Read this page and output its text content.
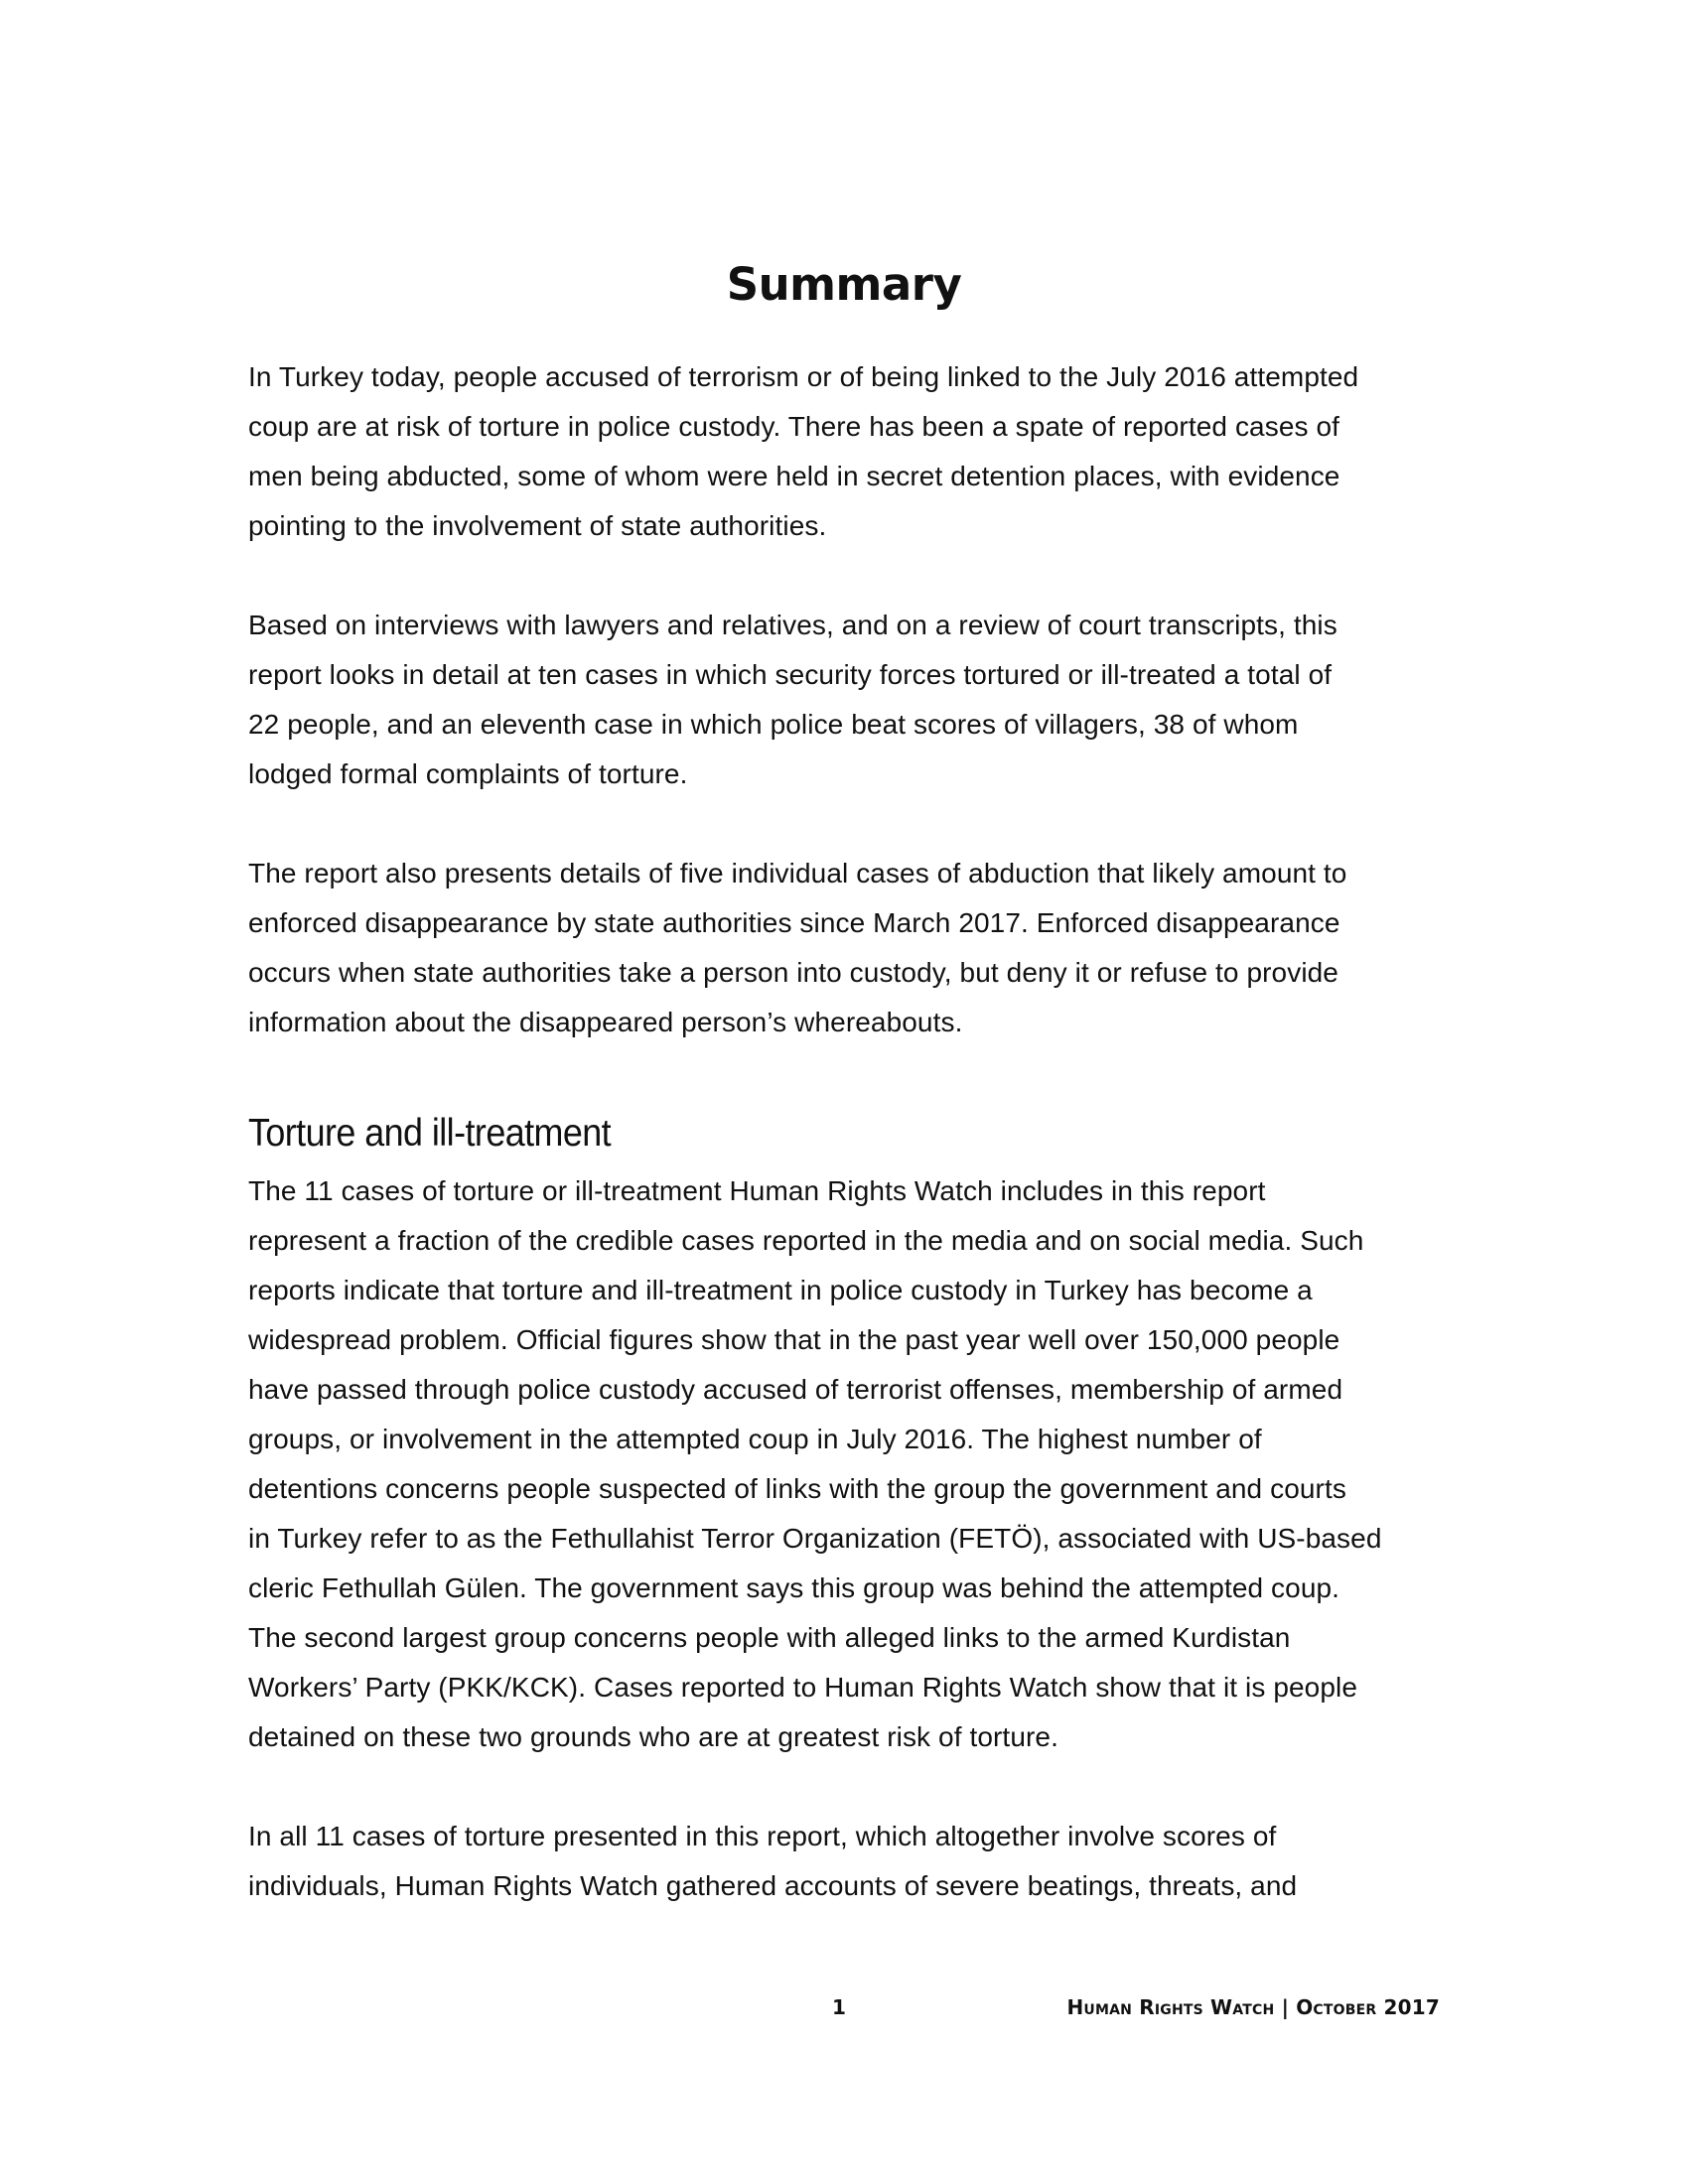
Summary

In Turkey today, people accused of terrorism or of being linked to the July 2016 attempted
coup are at risk of torture in police custody. There has been a spate of reported cases of
men being abducted, some of whom were held in secret detention places, with evidence
pointing to the involvement of state authorities.

Based on interviews with lawyers and relatives, and on a review of court transcripts, this
report looks in detail at ten cases in which security forces tortured or ill-treated a total of
22 people, and an eleventh case in which police beat scores of villagers, 38 of whom
lodged formal complaints of torture.

The report also presents details of five individual cases of abduction that likely amount to
enforced disappearance by state authorities since March 2017. Enforced disappearance
occurs when state authorities take a person into custody, but deny it or refuse to provide
information about the disappeared person’s whereabouts.

Torture and ill-treatment

The 11 cases of torture or ill-treatment Human Rights Watch includes in this report
represent a fraction of the credible cases reported in the media and on social media. Such
reports indicate that torture and ill-treatment in police custody in Turkey has become a
widespread problem. Official figures show that in the past year well over 150,000 people
have passed through police custody accused of terrorist offenses, membership of armed
groups, or involvement in the attempted coup in July 2016. The highest number of
detentions concerns people suspected of links with the group the government and courts
in Turkey refer to as the Fethullahist Terror Organization (FETÖ), associated with US-based
cleric Fethullah Gülen. The government says this group was behind the attempted coup.
The second largest group concerns people with alleged links to the armed Kurdistan
Workers’ Party (PKK/KCK). Cases reported to Human Rights Watch show that it is people
detained on these two grounds who are at greatest risk of torture.

In all 11 cases of torture presented in this report, which altogether involve scores of
individuals, Human Rights Watch gathered accounts of severe beatings, threats, and

1	Human Rights Watch | October 2017
